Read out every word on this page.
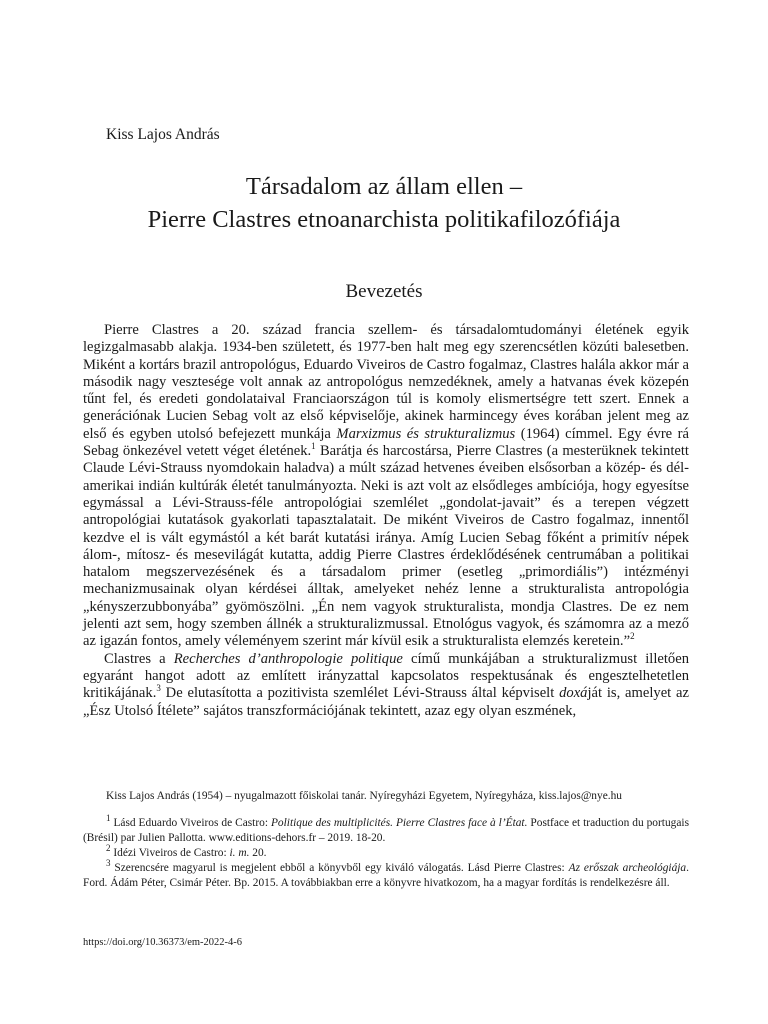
Kiss Lajos András
Társadalom az állam ellen –
Pierre Clastres etnoanarchista politikafilozófiája
Bevezetés

Pierre Clastres a 20. század francia szellem- és társadalomtudományi életének egyik legizgalmasabb alakja. 1934-ben született, és 1977-ben halt meg egy szerencsétlen közúti balesetben. Miként a kortárs brazil antropológus, Eduardo Viveiros de Castro fogalmaz, Clastres halála akkor már a második nagy vesztesége volt annak az antropológus nemzedéknek, amely a hatvanas évek közepén tűnt fel, és eredeti gondolataival Franciaországon túl is komoly elismertségre tett szert. Ennek a generációnak Lucien Sebag volt az első képviselője, akinek harmincegy éves korában jelent meg az első és egyben utolsó befejezett munkája Marxizmus és strukturalizmus (1964) címmel. Egy évre rá Sebag önkezével vetett véget életének.$^1$ Barátja és harcostársa, Pierre Clastres (a mesterüknek tekintett Claude Lévi-Strauss nyomdokain haladva) a múlt század hetvenes éveiben elsősorban a közép- és dél-amerikai indián kultúrák életét tanulmányozta. Neki is azt volt az elsődleges ambíciója, hogy egyesítse egymással a Lévi-Strauss-féle antropológiai szemlélet „gondolat-javait” és a terepen végzett antropológiai kutatások gyakorlati tapasztalatait. De miként Viveiros de Castro fogalmaz, innentől kezdve el is vált egymástól a két barát kutatási iránya. Amíg Lucien Sebag főként a primitív népek álom-, mítosz- és mesevilágát kutatta, addig Pierre Clastres érdeklődésének centrumában a politikai hatalom megszervezésének és a társadalom primer (esetleg „primordiális”) intézményi mechanizmusainak olyan kérdései álltak, amelyeket nehéz lenne a strukturalista antropológia „kényszerzubbonyába” gyömöszölni. „Én nem vagyok strukturalista, mondja Clastres. De ez nem jelenti azt sem, hogy szemben állnék a strukturalizmussal. Etnológus vagyok, és számomra az a mező az igazán fontos, amely véleményem szerint már kívül esik a strukturalista elemzés keretein.”$^2$

Clastres a Recherches d’anthropologie politique című munkájában a strukturalizmust illetően egyaránt hangot adott az említett irányzattal kapcsolatos respektusának és engesztelhetetlen kritikájának.$^3$ De elutasította a pozitivista szemlélet Lévi-Strauss által képviselt doxáját is, amelyet az „Ész Utolsó Ítélete” sajátos transzformációjának tekintett, azaz egy olyan eszmének,

Kiss Lajos András (1954) – nyugalmazott főiskolai tanár. Nyíregyházi Egyetem, Nyíregyháza, kiss.lajos@nye.hu

$^1$ Lásd Eduardo Viveiros de Castro: Politique des multiplicités. Pierre Clastres face à l’État. Postface et traduction du portugais (Brésil) par Julien Pallotta. www.editions-dehors.fr – 2019. 18-20.

$^2$ Idézi Viveiros de Castro: i. m. 20.

$^3$ Szerencsére magyarul is megjelent ebből a könyvből egy kiváló válogatás. Lásd Pierre Clastres: Az erőszak archeológiája. Ford. Ádám Péter, Csimár Péter. Bp. 2015. A továbbiakban erre a könyvre hivatkozom, ha a magyar fordítás is rendelkezésre áll.

https://doi.org/10.36373/em-2022-4-6
